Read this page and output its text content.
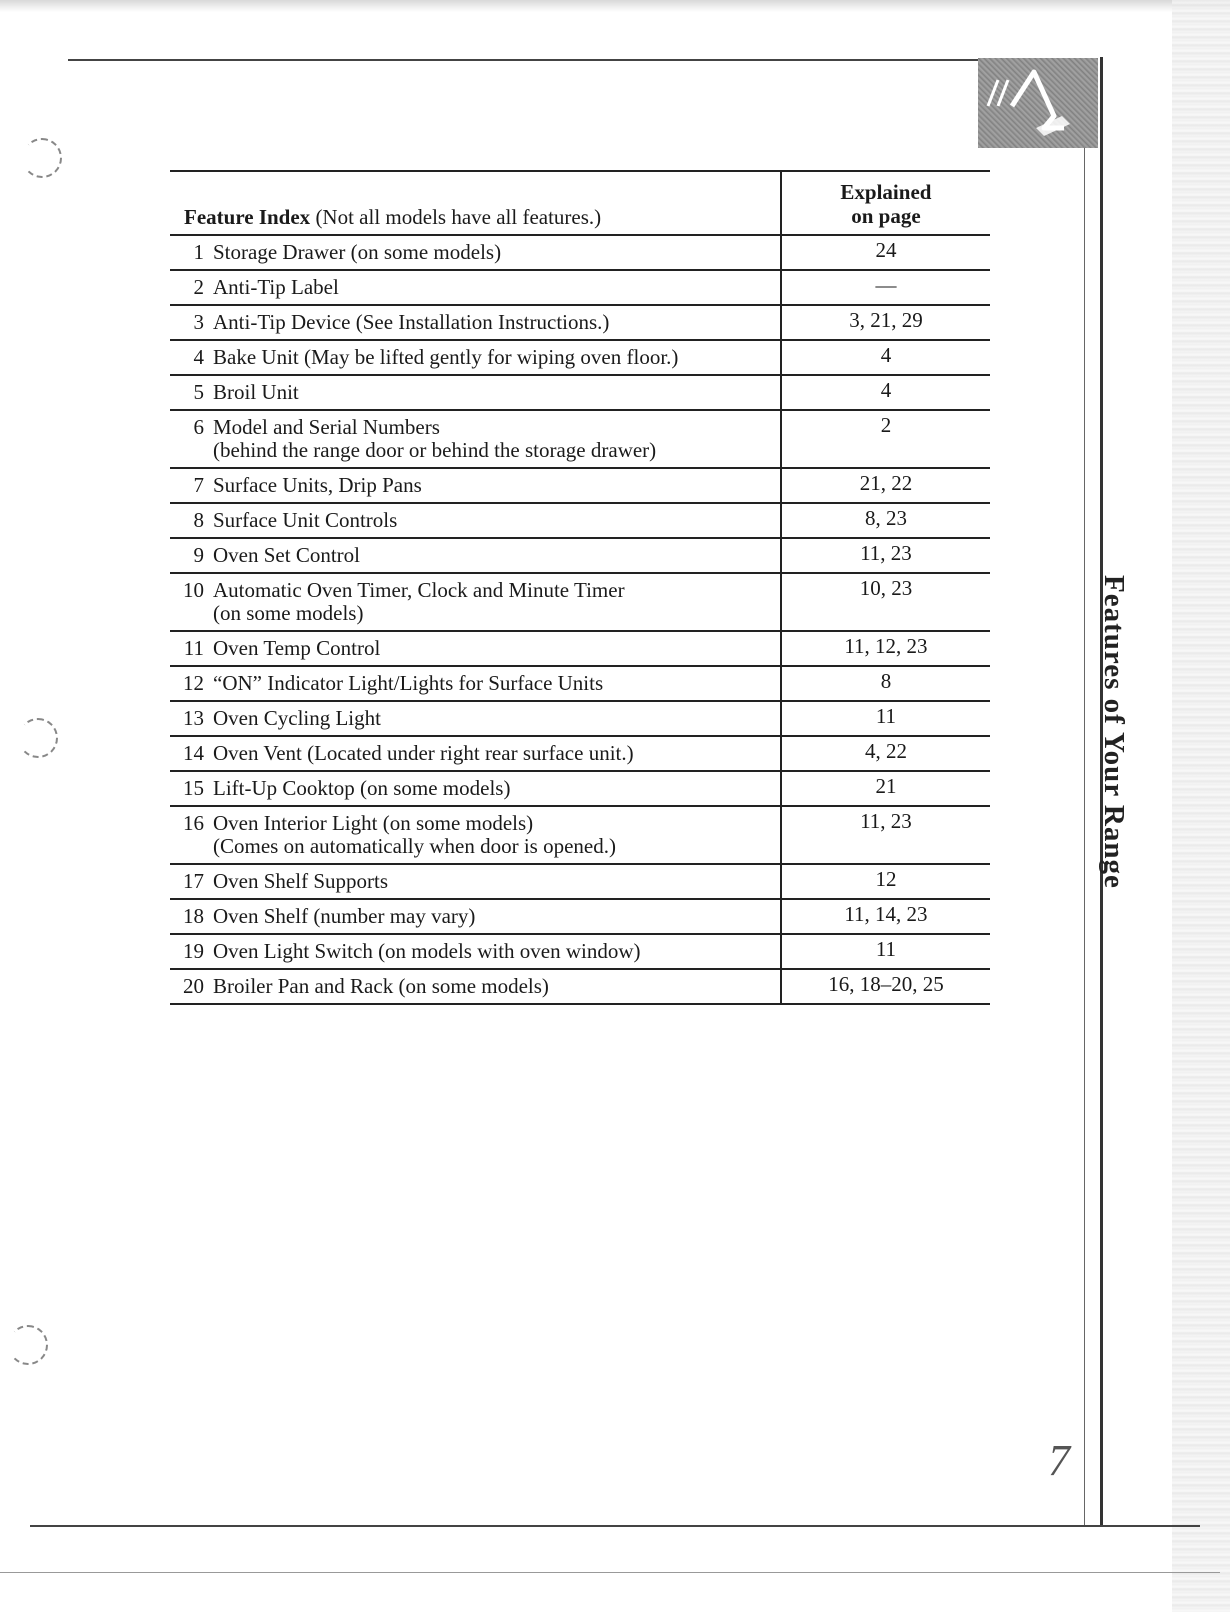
Feature Index (Not all models have all features.)	Explained
on page

1 Storage Drawer (on some models)	24
2 Anti-Tip Label	—
3 Anti-Tip Device (See Installation Instructions.)	3, 21, 29
4 Bake Unit (May be lifted gently for wiping oven floor.)	4
5 Broil Unit	4
6 Model and Serial Numbers
(behind the range door or behind the storage drawer)	2
7 Surface Units, Drip Pans	21, 22
8 Surface Unit Controls	8, 23
9 Oven Set Control	11, 23
10 Automatic Oven Timer, Clock and Minute Timer
(on some models)	10, 23
11 Oven Temp Control	11, 12, 23
12 “ON” Indicator Light/Lights for Surface Units	8
13 Oven Cycling Light	11
14 Oven Vent (Located under right rear surface unit.)	4, 22
15 Lift-Up Cooktop (on some models)	21
16 Oven Interior Light (on some models)
(Comes on automatically when door is opened.)	11, 23
17 Oven Shelf Supports	12
18 Oven Shelf (number may vary)	11, 14, 23
19 Oven Light Switch (on models with oven window)	11
20 Broiler Pan and Rack (on some models)	16, 18–20, 25
Features of Your Range
7
